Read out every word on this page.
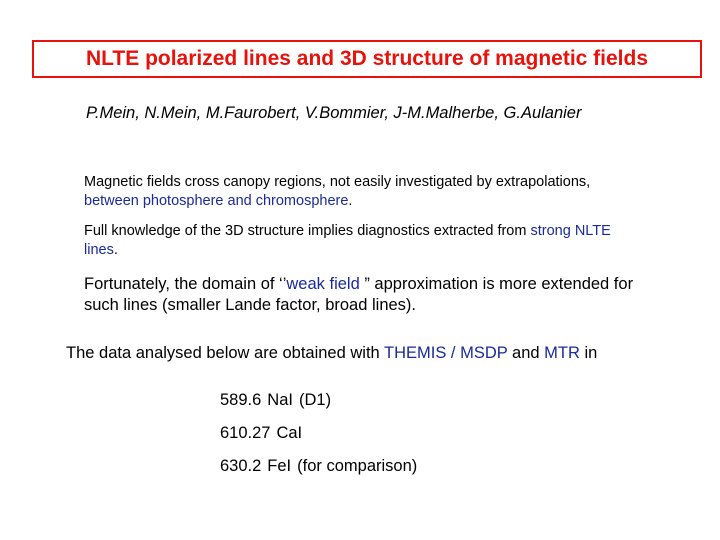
NLTE polarized lines and 3D structure of magnetic fields
P.Mein, N.Mein, M.Faurobert, V.Bommier, J-M.Malherbe, G.Aulanier
Magnetic fields cross canopy regions, not easily investigated by extrapolations, between photosphere and chromosphere.
Full knowledge of the 3D structure implies diagnostics extracted from strong NLTE lines.
Fortunately, the domain of ‘’weak field ” approximation is more extended for such lines (smaller Lande factor, broad lines).
The data analysed below are obtained with THEMIS / MSDP and MTR in
589.6 NaI (D1)
610.27 CaI
630.2 FeI (for comparison)
